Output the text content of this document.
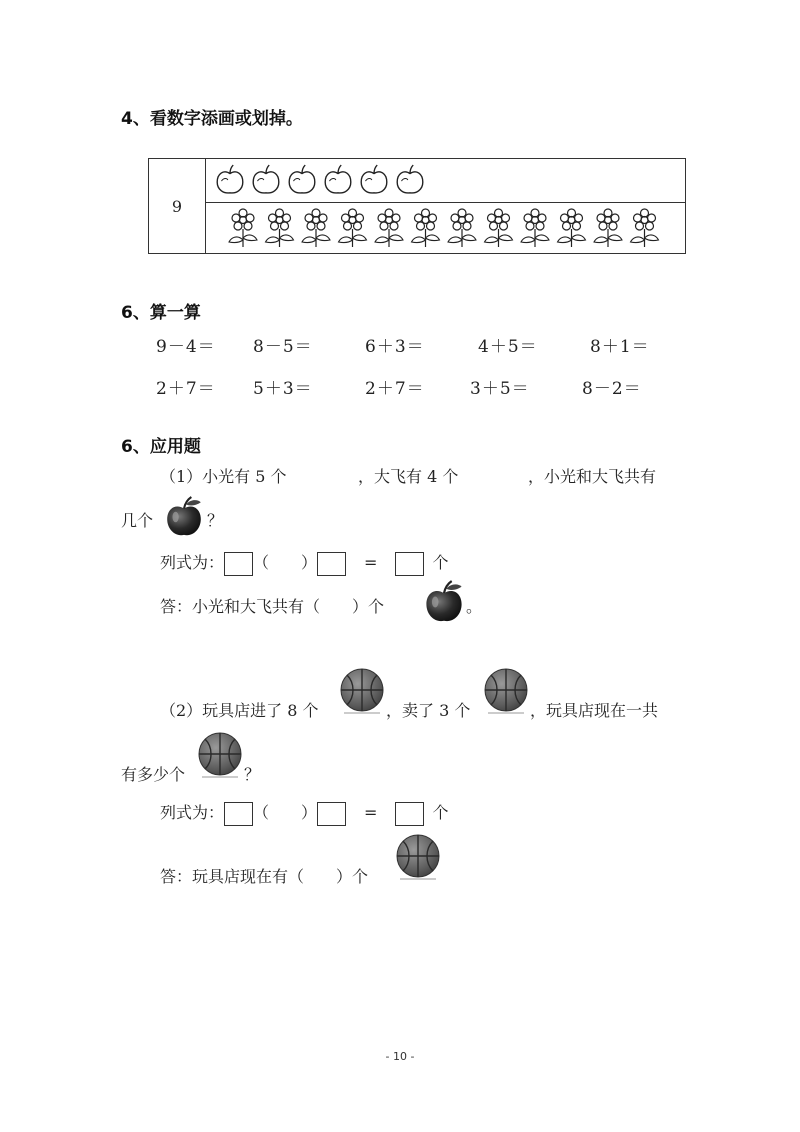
4、看数字添画或划掉。
9
6、算一算
9－4＝ 8－5＝	6＋3＝	4＋5＝	8＋1＝
2＋7＝ 5＋3＝	2＋7＝	3＋5＝	8－2＝
6、应用题
（1）小光有 5 个	，大飞有 4 个	，小光和大飞共有
几个	？
列式为： （　　）	=	个
答：小光和大飞共有（　　）个	。
（2）玩具店进了 8 个	，卖了 3 个	，玩具店现在一共
有多少个	？
列式为： （　　）	=	个
答：玩具店现在有（　　）个
- 10 -
